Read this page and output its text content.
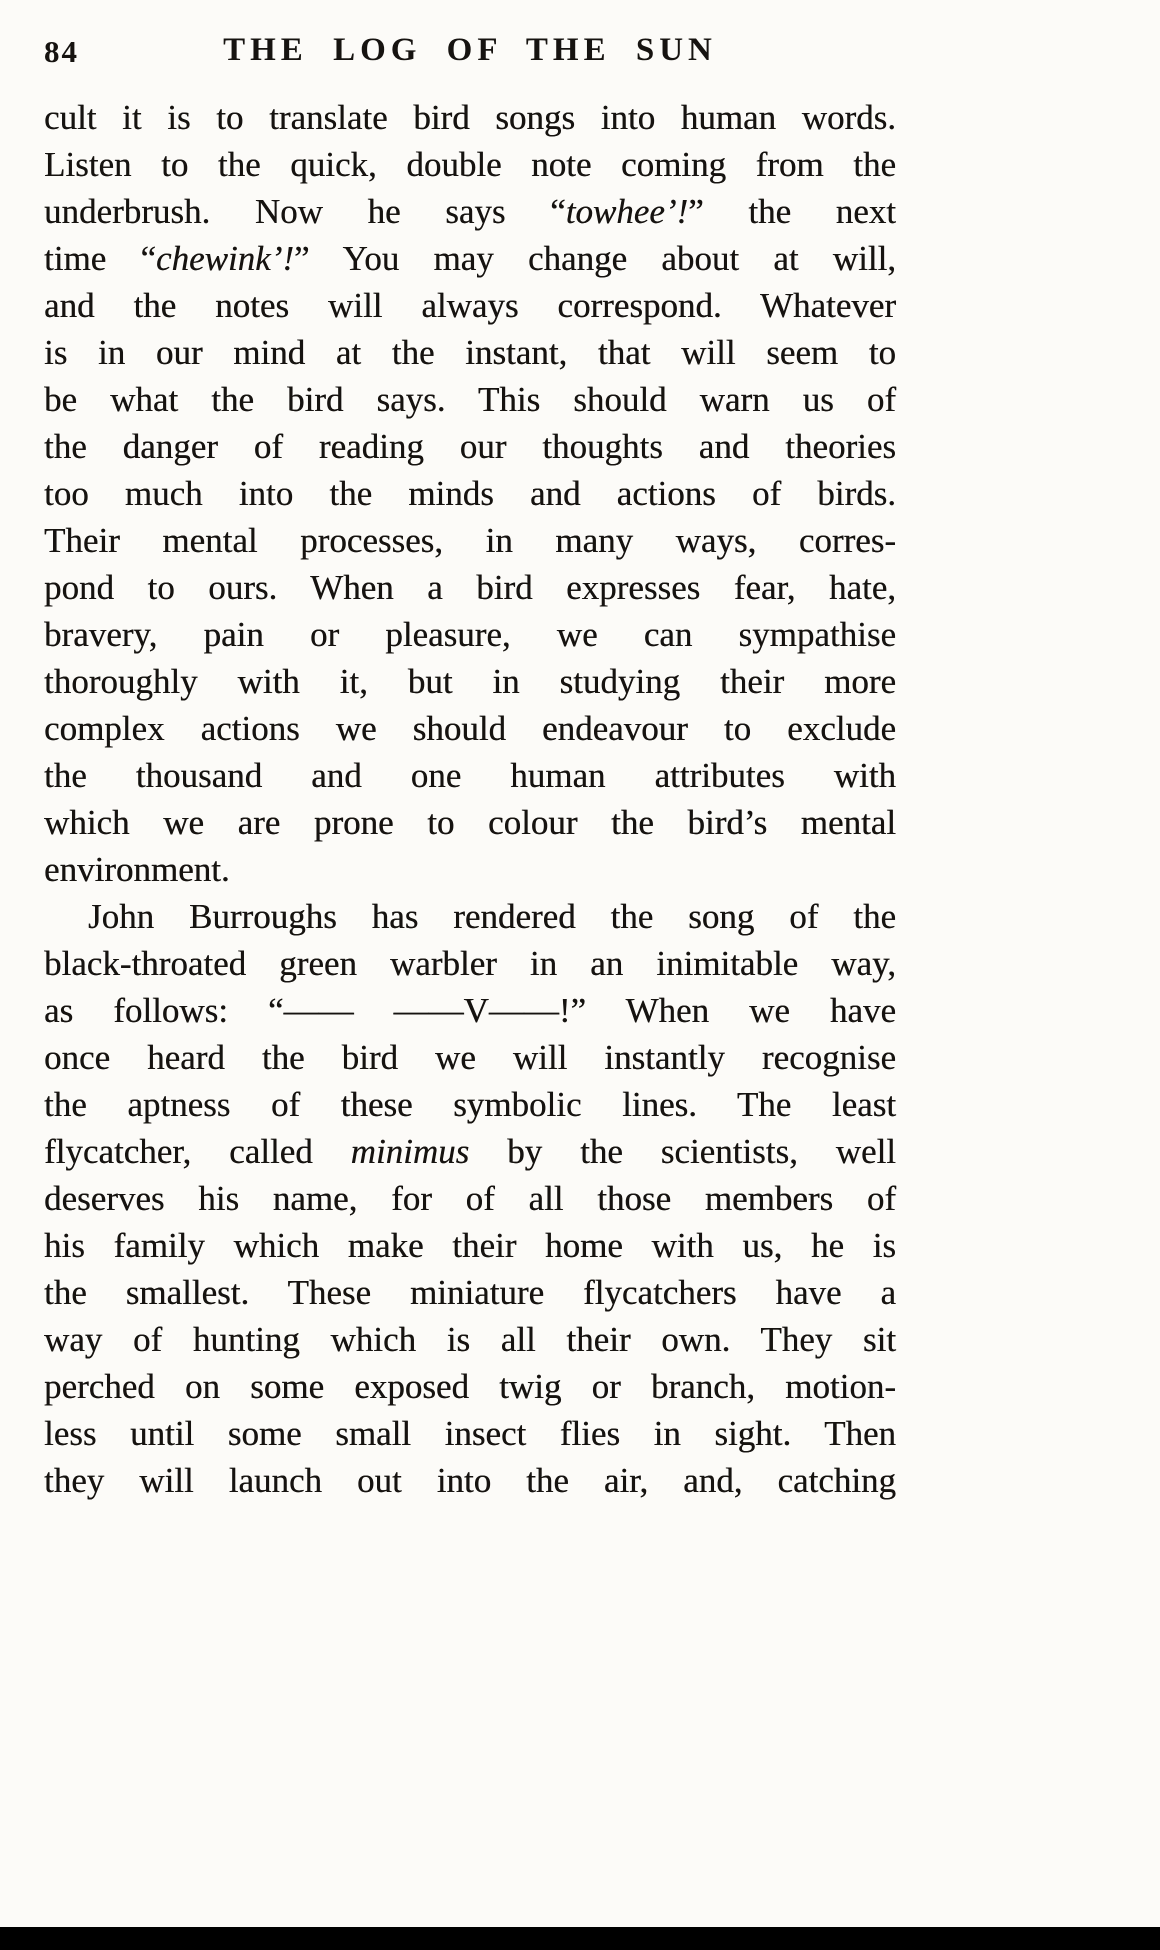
84	THE LOG OF THE SUN
cult it is to translate bird songs into human words.
Listen to the quick, double note coming from the
underbrush. Now he says “towhee’!” the next
time “chewink’!” You may change about at will,
and the notes will always correspond. Whatever
is in our mind at the instant, that will seem to
be what the bird says. This should warn us of
the danger of reading our thoughts and theories
too much into the minds and actions of birds.
Their mental processes, in many ways, corres-
pond to ours. When a bird expresses fear, hate,
bravery, pain or pleasure, we can sympathise
thoroughly with it, but in studying their more
complex actions we should endeavour to exclude
the thousand and one human attributes with
which we are prone to colour the bird’s mental
environment.
John Burroughs has rendered the song of the
black-throated green warbler in an inimitable way,
as follows: “—— ——V——!” When we have
once heard the bird we will instantly recognise
the aptness of these symbolic lines. The least
flycatcher, called minimus by the scientists, well
deserves his name, for of all those members of
his family which make their home with us, he is
the smallest. These miniature flycatchers have a
way of hunting which is all their own. They sit
perched on some exposed twig or branch, motion-
less until some small insect flies in sight. Then
they will launch out into the air, and, catching
